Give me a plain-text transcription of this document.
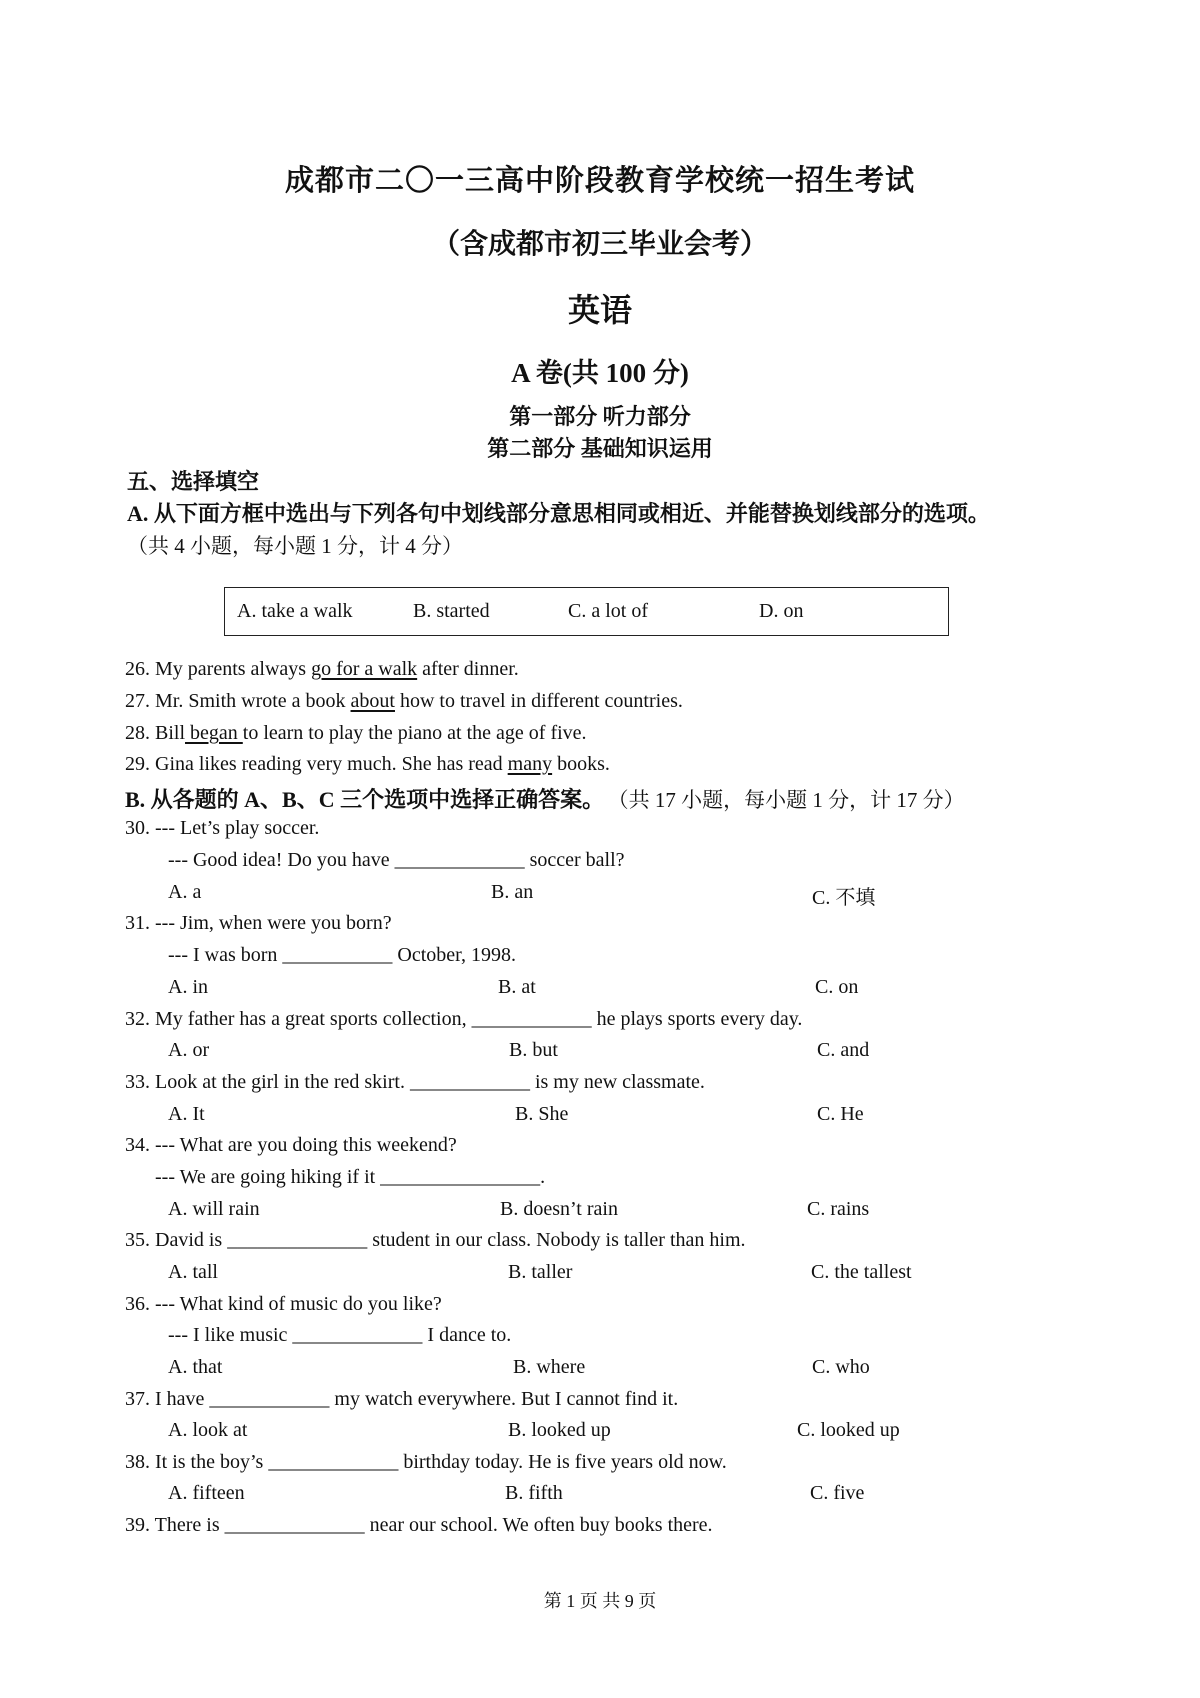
成都市二〇一三高中阶段教育学校统一招生考试
（含成都市初三毕业会考）
英语
A 卷(共 100 分)
第一部分 听力部分
第二部分 基础知识运用
五、选择填空
A. 从下面方框中选出与下列各句中划线部分意思相同或相近、并能替换划线部分的选项。
（共 4 小题，每小题 1 分，计 4 分）
A. take a walk	B. started	C. a lot of	D. on
26. My parents always go for a walk after dinner.
27. Mr. Smith wrote a book about how to travel in different countries.
28. Bill began to learn to play the piano at the age of five.
29. Gina likes reading very much. She has read many books.
B. 从各题的 A、B、C 三个选项中选择正确答案。 （共 17 小题，每小题 1 分，计 17 分）
30. --- Let’s play soccer.
--- Good idea! Do you have _____________ soccer ball?
A. a	B. an	C. 不填
31. --- Jim, when were you born?
--- I was born ___________ October, 1998.
A. in	B. at	C. on
32. My father has a great sports collection, ____________ he plays sports every day.
A. or	B. but	C. and
33. Look at the girl in the red skirt. ____________ is my new classmate.
A. It	B. She	C. He
34. --- What are you doing this weekend?
--- We are going hiking if it ________________.
A. will rain	B. doesn’t rain	C. rains
35. David is ______________ student in our class. Nobody is taller than him.
A. tall	B. taller	C. the tallest
36. --- What kind of music do you like?
--- I like music _____________ I dance to.
A. that	B. where	C. who
37. I have ____________ my watch everywhere. But I cannot find it.
A. look at	B. looked up	C. looked up
38. It is the boy’s _____________ birthday today. He is five years old now.
A. fifteen	B. fifth	C. five
39. There is ______________ near our school. We often buy books there.
第 1 页 共 9 页
